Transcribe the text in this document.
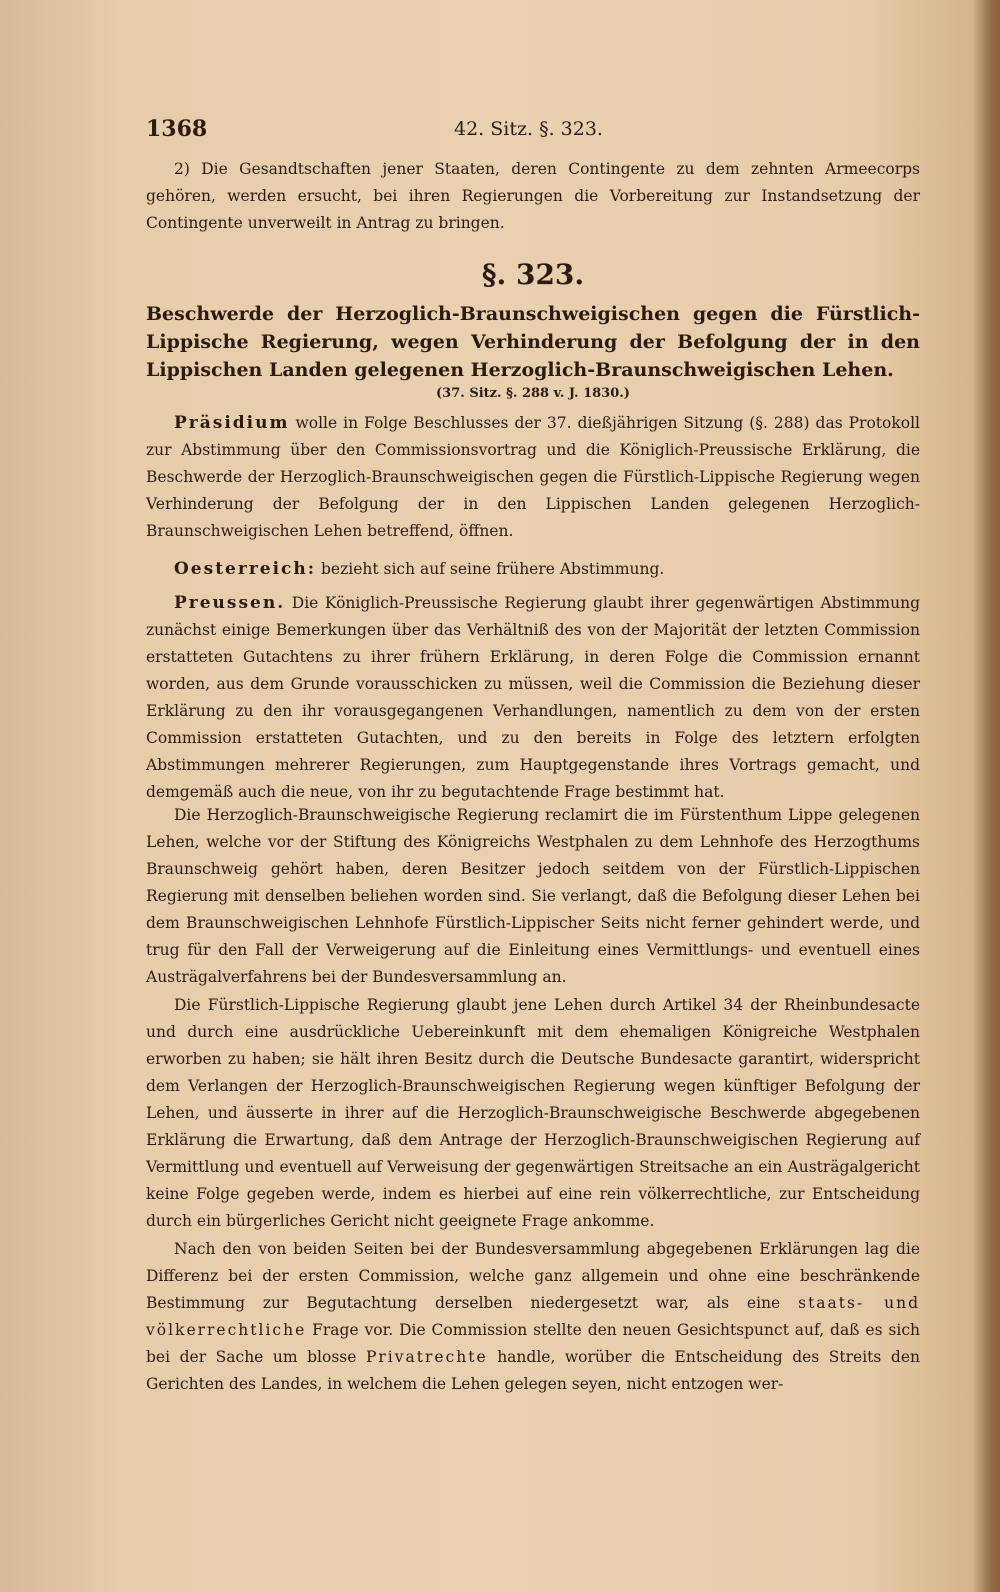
1368	42. Sitz. §. 323.
2) Die Gesandtschaften jener Staaten, deren Contingente zu dem zehnten Armeecorps gehören, werden ersucht, bei ihren Regierungen die Vorbereitung zur Instandsetzung der Contingente unverweilt in Antrag zu bringen.
§. 323.
Beschwerde der Herzoglich-Braunschweigischen gegen die Fürstlich-Lippische Regierung, wegen Verhinderung der Befolgung der in den Lippischen Landen gelegenen Herzoglich-Braunschweigischen Lehen.
(37. Sitz. §. 288 v. J. 1830.)
Präsidium wolle in Folge Beschlusses der 37. dießjährigen Sitzung (§. 288) das Protokoll zur Abstimmung über den Commissionsvortrag und die Königlich-Preussische Erklärung, die Beschwerde der Herzoglich-Braunschweigischen gegen die Fürstlich-Lippische Regierung wegen Verhinderung der Befolgung der in den Lippischen Landen gelegenen Herzoglich-Braunschweigischen Lehen betreffend, öffnen.
Oesterreich: bezieht sich auf seine frühere Abstimmung.
Preussen. Die Königlich-Preussische Regierung glaubt ihrer gegenwärtigen Abstimmung zunächst einige Bemerkungen über das Verhältniß des von der Majorität der letzten Commission erstatteten Gutachtens zu ihrer frühern Erklärung, in deren Folge die Commission ernannt worden, aus dem Grunde vorausschicken zu müssen, weil die Commission die Beziehung dieser Erklärung zu den ihr vorausgegangenen Verhandlungen, namentlich zu dem von der ersten Commission erstatteten Gutachten, und zu den bereits in Folge des letztern erfolgten Abstimmungen mehrerer Regierungen, zum Hauptgegenstande ihres Vortrags gemacht, und demgemäß auch die neue, von ihr zu begutachtende Frage bestimmt hat.
Die Herzoglich-Braunschweigische Regierung reclamirt die im Fürstenthum Lippe gelegenen Lehen, welche vor der Stiftung des Königreichs Westphalen zu dem Lehnhofe des Herzogthums Braunschweig gehört haben, deren Besitzer jedoch seitdem von der Fürstlich-Lippischen Regierung mit denselben beliehen worden sind. Sie verlangt, daß die Befolgung dieser Lehen bei dem Braunschweigischen Lehnhofe Fürstlich-Lippischer Seits nicht ferner gehindert werde, und trug für den Fall der Verweigerung auf die Einleitung eines Vermittlungs- und eventuell eines Austrägalverfahrens bei der Bundesversammlung an.
Die Fürstlich-Lippische Regierung glaubt jene Lehen durch Artikel 34 der Rheinbundesacte und durch eine ausdrückliche Uebereinkunft mit dem ehemaligen Königreiche Westphalen erworben zu haben; sie hält ihren Besitz durch die Deutsche Bundesacte garantirt, widerspricht dem Verlangen der Herzoglich-Braunschweigischen Regierung wegen künftiger Befolgung der Lehen, und äusserte in ihrer auf die Herzoglich-Braunschweigische Beschwerde abgegebenen Erklärung die Erwartung, daß dem Antrage der Herzoglich-Braunschweigischen Regierung auf Vermittlung und eventuell auf Verweisung der gegenwärtigen Streitsache an ein Austrägalgericht keine Folge gegeben werde, indem es hierbei auf eine rein völkerrechtliche, zur Entscheidung durch ein bürgerliches Gericht nicht geeignete Frage ankomme.
Nach den von beiden Seiten bei der Bundesversammlung abgegebenen Erklärungen lag die Differenz bei der ersten Commission, welche ganz allgemein und ohne eine beschränkende Bestimmung zur Begutachtung derselben niedergesetzt war, als eine staats- und völkerrechtliche Frage vor. Die Commission stellte den neuen Gesichtspunct auf, daß es sich bei der Sache um blosse Privatrechte handle, worüber die Entscheidung des Streits den Gerichten des Landes, in welchem die Lehen gelegen seyen, nicht entzogen wer-
